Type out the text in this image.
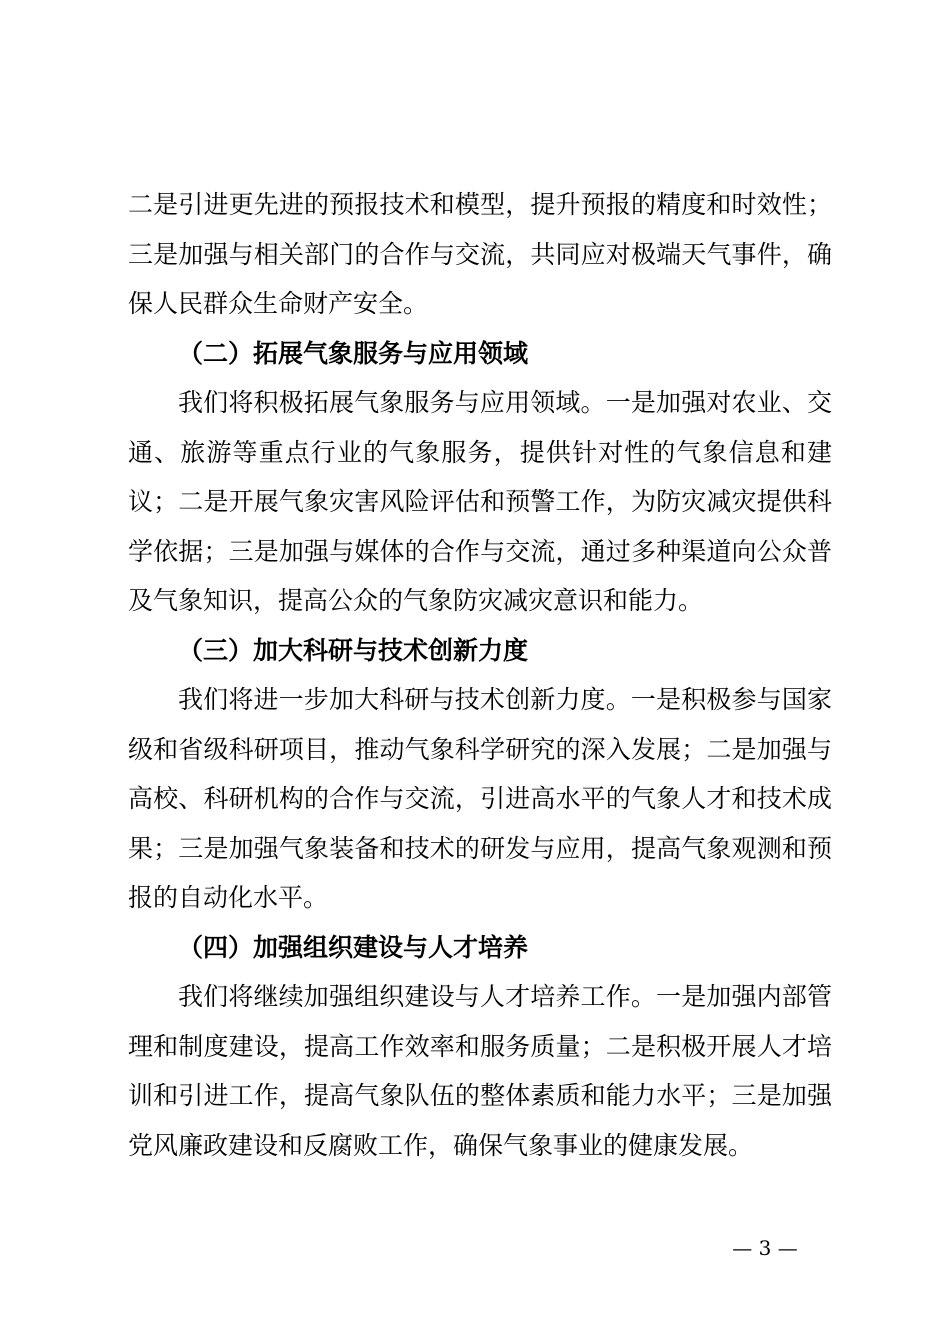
二是引进更先进的预报技术和模型，提升预报的精度和时效性；三是加强与相关部门的合作与交流，共同应对极端天气事件，确保人民群众生命财产安全。

（二）拓展气象服务与应用领域

我们将积极拓展气象服务与应用领域。一是加强对农业、交通、旅游等重点行业的气象服务，提供针对性的气象信息和建议；二是开展气象灾害风险评估和预警工作，为防灾减灾提供科学依据；三是加强与媒体的合作与交流，通过多种渠道向公众普及气象知识，提高公众的气象防灾减灾意识和能力。

（三）加大科研与技术创新力度

我们将进一步加大科研与技术创新力度。一是积极参与国家级和省级科研项目，推动气象科学研究的深入发展；二是加强与高校、科研机构的合作与交流，引进高水平的气象人才和技术成果；三是加强气象装备和技术的研发与应用，提高气象观测和预报的自动化水平。

（四）加强组织建设与人才培养

我们将继续加强组织建设与人才培养工作。一是加强内部管理和制度建设，提高工作效率和服务质量；二是积极开展人才培训和引进工作，提高气象队伍的整体素质和能力水平；三是加强党风廉政建设和反腐败工作，确保气象事业的健康发展。

— 3 —
